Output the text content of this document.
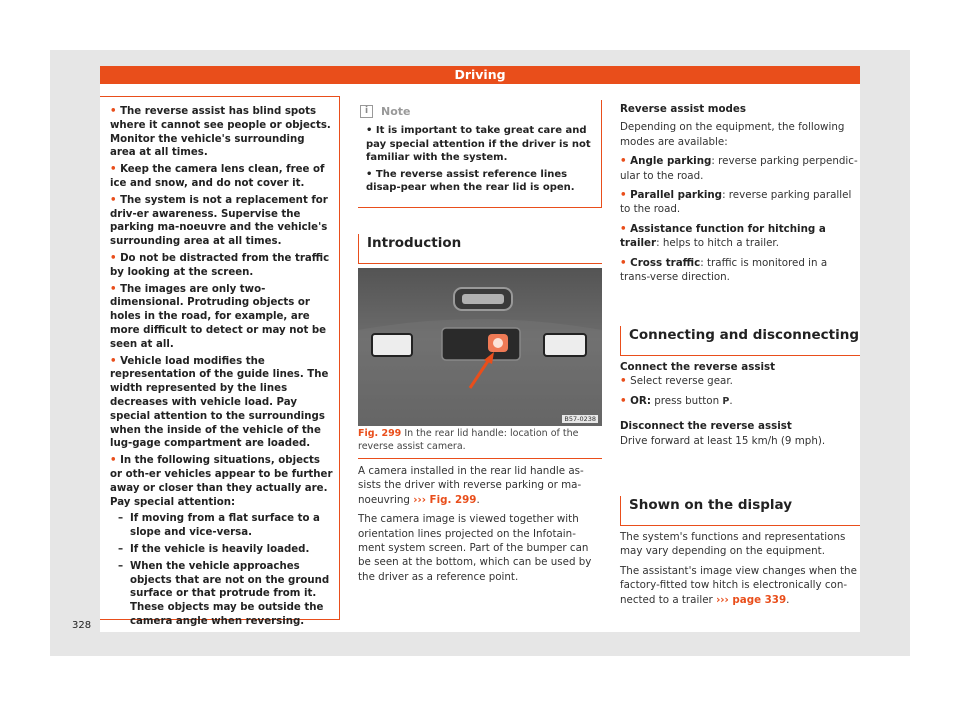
Driving

• The reverse assist has blind spots where it cannot see people or objects. Monitor the vehicle's surrounding area at all times.

• Keep the camera lens clean, free of ice and snow, and do not cover it.

• The system is not a replacement for driv-er awareness. Supervise the parking ma-noeuvre and the vehicle's surrounding area at all times.

• Do not be distracted from the traffic by looking at the screen.

• The images are only two-dimensional. Protruding objects or holes in the road, for example, are more difficult to detect or may not be seen at all.

• Vehicle load modifies the representation of the guide lines. The width represented by the lines decreases with vehicle load. Pay special attention to the surroundings when the inside of the vehicle of the lug-gage compartment are loaded.

• In the following situations, objects or oth-er vehicles appear to be further away or closer than they actually are. Pay special attention:

– If moving from a flat surface to a slope and vice-versa.

– If the vehicle is heavily loaded.

– When the vehicle approaches objects that are not on the ground surface or that protrude from it. These objects may be outside the camera angle when reversing.

i	Note

• It is important to take great care and pay special attention if the driver is not familiar with the system.

• The reverse assist reference lines disap-pear when the rear lid is open.

Introduction
B57-0238
Fig. 299 In the rear lid handle: location of the reverse assist camera.

A camera installed in the rear lid handle as-sists the driver with reverse parking or ma-noeuvring ››› Fig. 299.

The camera image is viewed together with orientation lines projected on the Infotain-ment system screen. Part of the bumper can be seen at the bottom, which can be used by the driver as a reference point.

Reverse assist modes

Depending on the equipment, the following modes are available:

• Angle parking: reverse parking perpendic-ular to the road.

• Parallel parking: reverse parking parallel to the road.

• Assistance function for hitching a trailer: helps to hitch a trailer.

• Cross traffic: traffic is monitored in a trans-verse direction.

Connecting and disconnecting
Connect the reverse assist

• Select reverse gear.

• OR: press button P.

Disconnect the reverse assist

Drive forward at least 15 km/h (9 mph).

Shown on the display

The system's functions and representations may vary depending on the equipment.

The assistant's image view changes when the factory-fitted tow hitch is electronically con-nected to a trailer ››› page 339.

328
